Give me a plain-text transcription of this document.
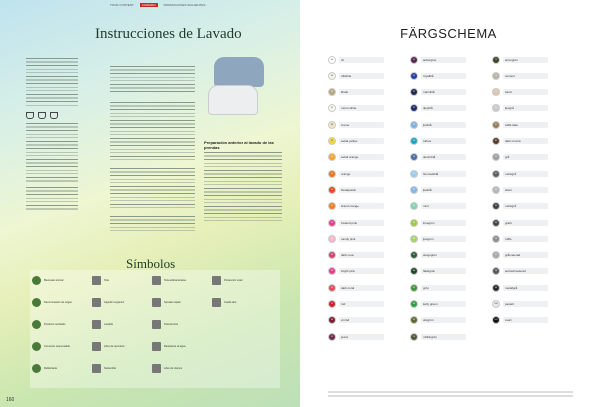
TOUR CONTENT	CUIDADO	PROMOCIONES SIGUIENTES
Instrucciones de Lavado
Preparación anterior al lavado de las prendas
Símbolos
Bienestar animal
Denominación de origen
Producto reciclado
Comercio responsable
Reflectante
Tela
Algodón orgánico
Lavable
Libre de químicos
Sostenible
Tela antibacteriana
Secado rápido
Tela térmica
Resistente al agua
Libre de tóxicos
Protección solar
Cuello alto
160
FÄRGSCHEMA
00	vit
05	offwhite
02	khaki
07	mono white
08	creme
11	sebal yellow
16	sebal orange
19	orange
20	blodapelsin
22	brand orange
24	fuxiand pink
26	candy pink
30	dark rosa
32	bright pink
34	dark coral
35	röd
36	vinröd
37	jeans
41	aubergine
51	royalblå
52	marinblå
53	djupblå
54	ljusblå
55	turkos
56	denimblå
57	himmelsblå
59	ljusblå
60	mint
62	limegrön
64	ljusgrön
65	skogsgrön
66	flaskgrön
67	grön
68	kelly green
69	olivgrön
70	militärgrön
71	armégrön
75	cement
76	sand
80	ljusgrå
81	caffè latte
82	dark mocca
90	grå
91	mörkgrå
92	silver
94	mörkgrå
95	grafit
96	ruffle
97	gråmelerad
98	antracitmelerad
99	metallgrå
100	pastell
101	svart
